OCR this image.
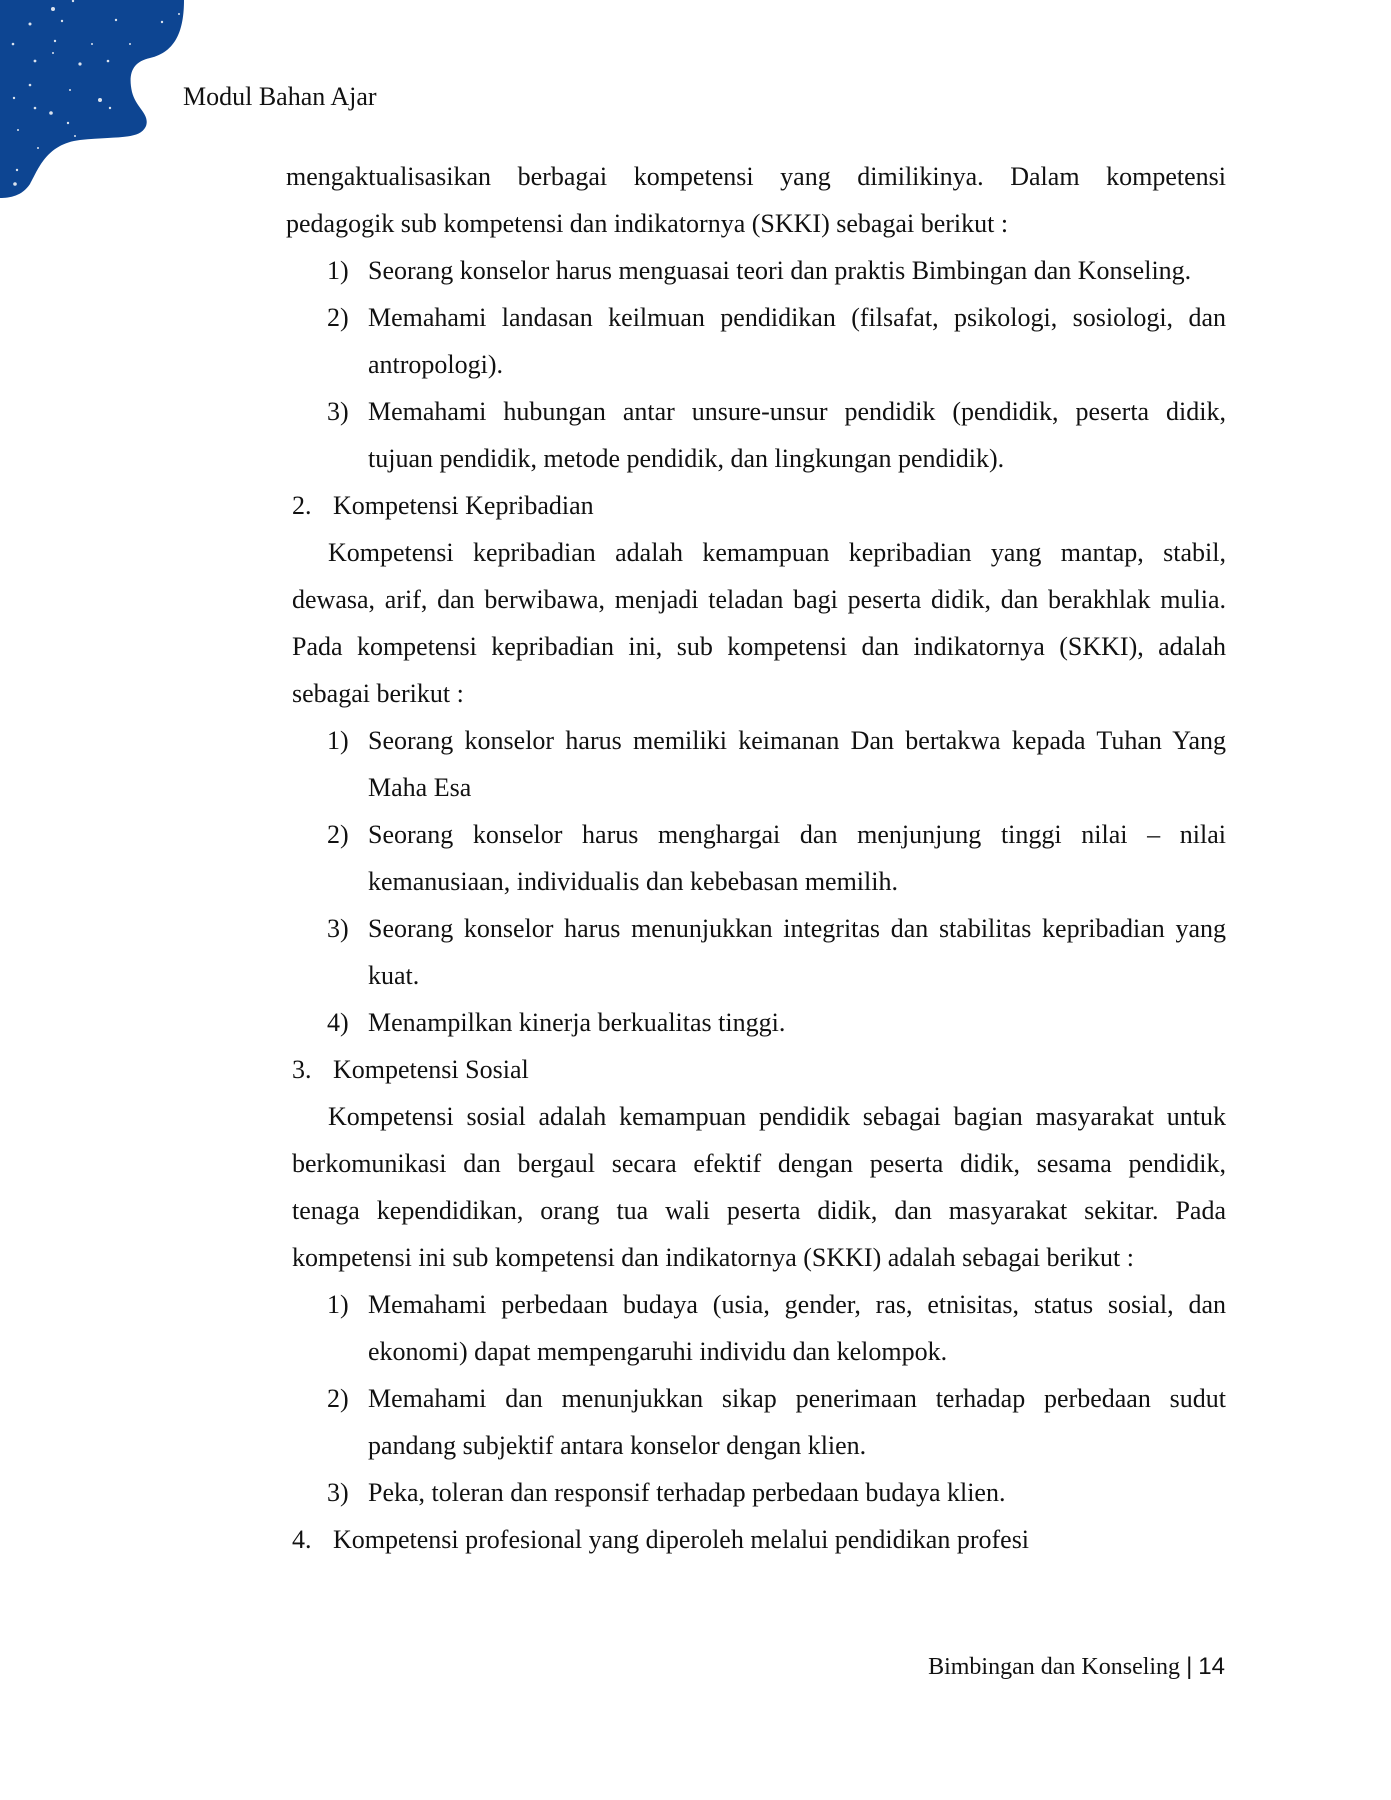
Modul Bahan Ajar
mengaktualisasikan berbagai kompetensi yang dimilikinya. Dalam kompetensi
pedagogik sub kompetensi dan indikatornya (SKKI) sebagai berikut :
1) Seorang konselor harus menguasai teori dan praktis Bimbingan dan Konseling.
2) Memahami landasan keilmuan pendidikan (filsafat, psikologi, sosiologi, dan
antropologi).
3) Memahami hubungan antar unsure-unsur pendidik (pendidik, peserta didik,
tujuan pendidik, metode pendidik, dan lingkungan pendidik).
2. Kompetensi Kepribadian
Kompetensi kepribadian adalah kemampuan kepribadian yang mantap, stabil,
dewasa, arif, dan berwibawa, menjadi teladan bagi peserta didik, dan berakhlak mulia.
Pada kompetensi kepribadian ini, sub kompetensi dan indikatornya (SKKI), adalah
sebagai berikut :
1) Seorang konselor harus memiliki keimanan Dan bertakwa kepada Tuhan Yang
Maha Esa
2) Seorang konselor harus menghargai dan menjunjung tinggi nilai – nilai
kemanusiaan, individualis dan kebebasan memilih.
3) Seorang konselor harus menunjukkan integritas dan stabilitas kepribadian yang
kuat.
4) Menampilkan kinerja berkualitas tinggi.
3. Kompetensi Sosial
Kompetensi sosial adalah kemampuan pendidik sebagai bagian masyarakat untuk
berkomunikasi dan bergaul secara efektif dengan peserta didik, sesama pendidik,
tenaga kependidikan, orang tua wali peserta didik, dan masyarakat sekitar. Pada
kompetensi ini sub kompetensi dan indikatornya (SKKI) adalah sebagai berikut :
1) Memahami perbedaan budaya (usia, gender, ras, etnisitas, status sosial, dan
ekonomi) dapat mempengaruhi individu dan kelompok.
2) Memahami dan menunjukkan sikap penerimaan terhadap perbedaan sudut
pandang subjektif antara konselor dengan klien.
3) Peka, toleran dan responsif terhadap perbedaan budaya klien.
4. Kompetensi profesional yang diperoleh melalui pendidikan profesi
Bimbingan dan Konseling | 14
